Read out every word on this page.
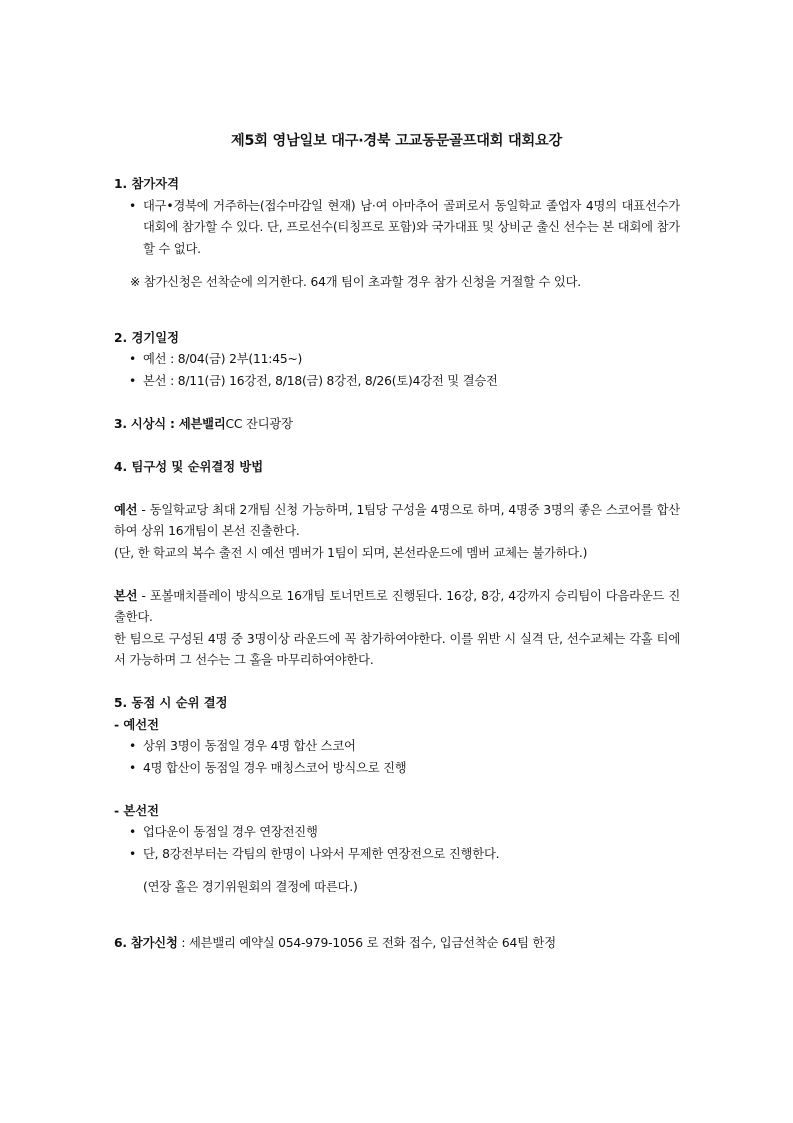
제5회 영남일보 대구·경북 고교동문골프대회 대회요강

1. 참가자격

• 대구•경북에 거주하는(접수마감일 현재) 남·여 아마추어 골퍼로서 동일학교 졸업자 4명의 대표선수가 대회에 참가할 수 있다. 단, 프로선수(티칭프로 포함)와 국가대표 및 상비군 출신 선수는 본 대회에 참가할 수 없다.

※ 참가신청은 선착순에 의거한다. 64개 팀이 초과할 경우 참가 신청을 거절할 수 있다.

2. 경기일정

• 예선 : 8/04(금) 2부(11:45~)

• 본선 : 8/11(금) 16강전, 8/18(금) 8강전, 8/26(토)4강전 및 결승전

3. 시상식 : 세븐밸리CC 잔디광장

4. 팀구성 및 순위결정 방법

예선 - 동일학교당 최대 2개팀 신청 가능하며, 1팀당 구성을 4명으로 하며, 4명중 3명의 좋은 스코어를 합산하여 상위 16개팀이 본선 진출한다.

(단, 한 학교의 복수 출전 시 예선 멤버가 1팀이 되며, 본선라운드에 멤버 교체는 불가하다.)

본선 - 포볼매치플레이 방식으로 16개팀 토너먼트로 진행된다. 16강, 8강, 4강까지 승리팀이 다음라운드 진출한다.

한 팀으로 구성된 4명 중 3명이상 라운드에 꼭 참가하여야한다. 이를 위반 시 실격 단, 선수교체는 각홀 티에서 가능하며 그 선수는 그 홀을 마무리하여야한다.

5. 동점 시 순위 결정

- 예선전

• 상위 3명이 동점일 경우 4명 합산 스코어

• 4명 합산이 동점일 경우 매칭스코어 방식으로 진행

- 본선전

• 업다운이 동점일 경우 연장전진행

• 단, 8강전부터는 각팀의 한명이 나와서 무제한 연장전으로 진행한다.

(연장 홀은 경기위원회의 결정에 따른다.)

6. 참가신청 : 세븐밸리 예약실 054-979-1056 로 전화 접수, 입금선착순 64팀 한정
